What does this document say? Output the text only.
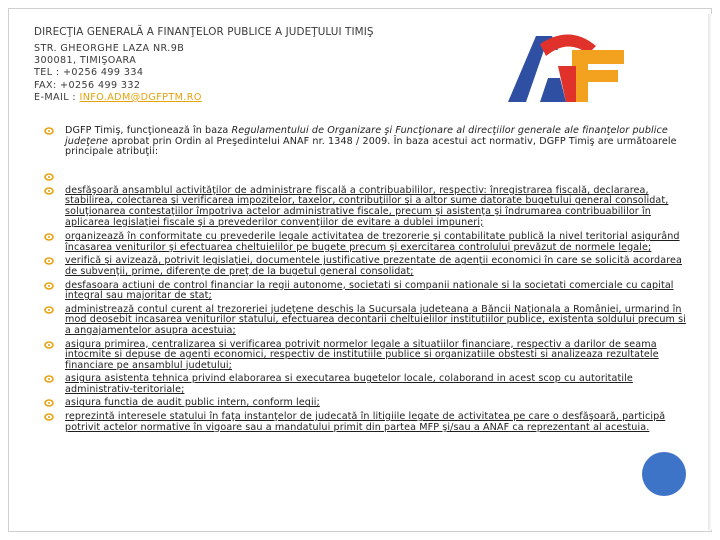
DIRECŢIA GENERALĂ A FINANŢELOR PUBLICE A JUDEŢULUI TIMIŞ
STR. GHEORGHE LAZA NR.9B
300081, TIMIŞOARA
TEL : +0256 499 334
FAX: +0256 499 332
E-MAIL : INFO.ADM@DGFPTM.RO
DGFP Timiş, funcţionează în baza Regulamentului de Organizare şi Funcţionare al direcţiilor generale ale finanţelor publice judeţene aprobat prin Ordin al Preşedintelui ANAF nr. 1348 / 2009. În baza acestui act normativ, DGFP Timiş are următoarele principale atribuţii:
desfăşoară ansamblul activităţilor de administrare fiscală a contribuabililor, respectiv: înregistrarea fiscală, declararea, stabilirea, colectarea şi verificarea impozitelor, taxelor, contribuţiilor şi a altor sume datorate bugetului general consolidat, soluţionarea contestaţiilor împotriva actelor administrative fiscale, precum şi asistenţa şi îndrumarea contribuabililor în aplicarea legislaţiei fiscale şi a prevederilor convenţiilor de evitare a dublei impuneri;
organizează în conformitate cu prevederile legale activitatea de trezorerie şi contabilitate publică la nivel teritorial asigurând încasarea veniturilor şi efectuarea cheltuielilor pe bugete precum şi exercitarea controlului prevăzut de normele legale;
verifică şi avizează, potrivit legislaţiei, documentele justificative prezentate de agenţii economici în care se solicită acordarea de subvenţii, prime, diferenţe de preţ de la bugetul general consolidat;
desfasoara actiuni de control financiar la regii autonome, societati si companii nationale si la societati comerciale cu capital integral sau majoritar de stat;
administrează contul curent al trezoreriei judeţene deschis la Sucursala judeteana a Băncii Naţionala a României, urmarind în mod deosebit incasarea veniturilor statului, efectuarea decontarii cheltuielilor institutiilor publice, existenta soldului precum si a angajamentelor asupra acestuia;
asigura primirea, centralizarea si verificarea potrivit normelor legale a situatiilor financiare, respectiv a darilor de seama intocmite si depuse de agenti economici, respectiv de institutiile publice si organizatiile obstesti si analizeaza rezultatele financiare pe ansamblul judetului;
asigura asistenta tehnica privind elaborarea si executarea bugetelor locale, colaborand in acest scop cu autoritatile administrativ-teritoriale;
asigura functia de audit public intern, conform legii;
reprezintă interesele statului în faţa instanţelor de judecată în litigiile legate de activitatea pe care o desfăşoară, participă potrivit actelor normative în vigoare sau a mandatului primit din partea MFP şi/sau a ANAF ca reprezentant al acestuia.
